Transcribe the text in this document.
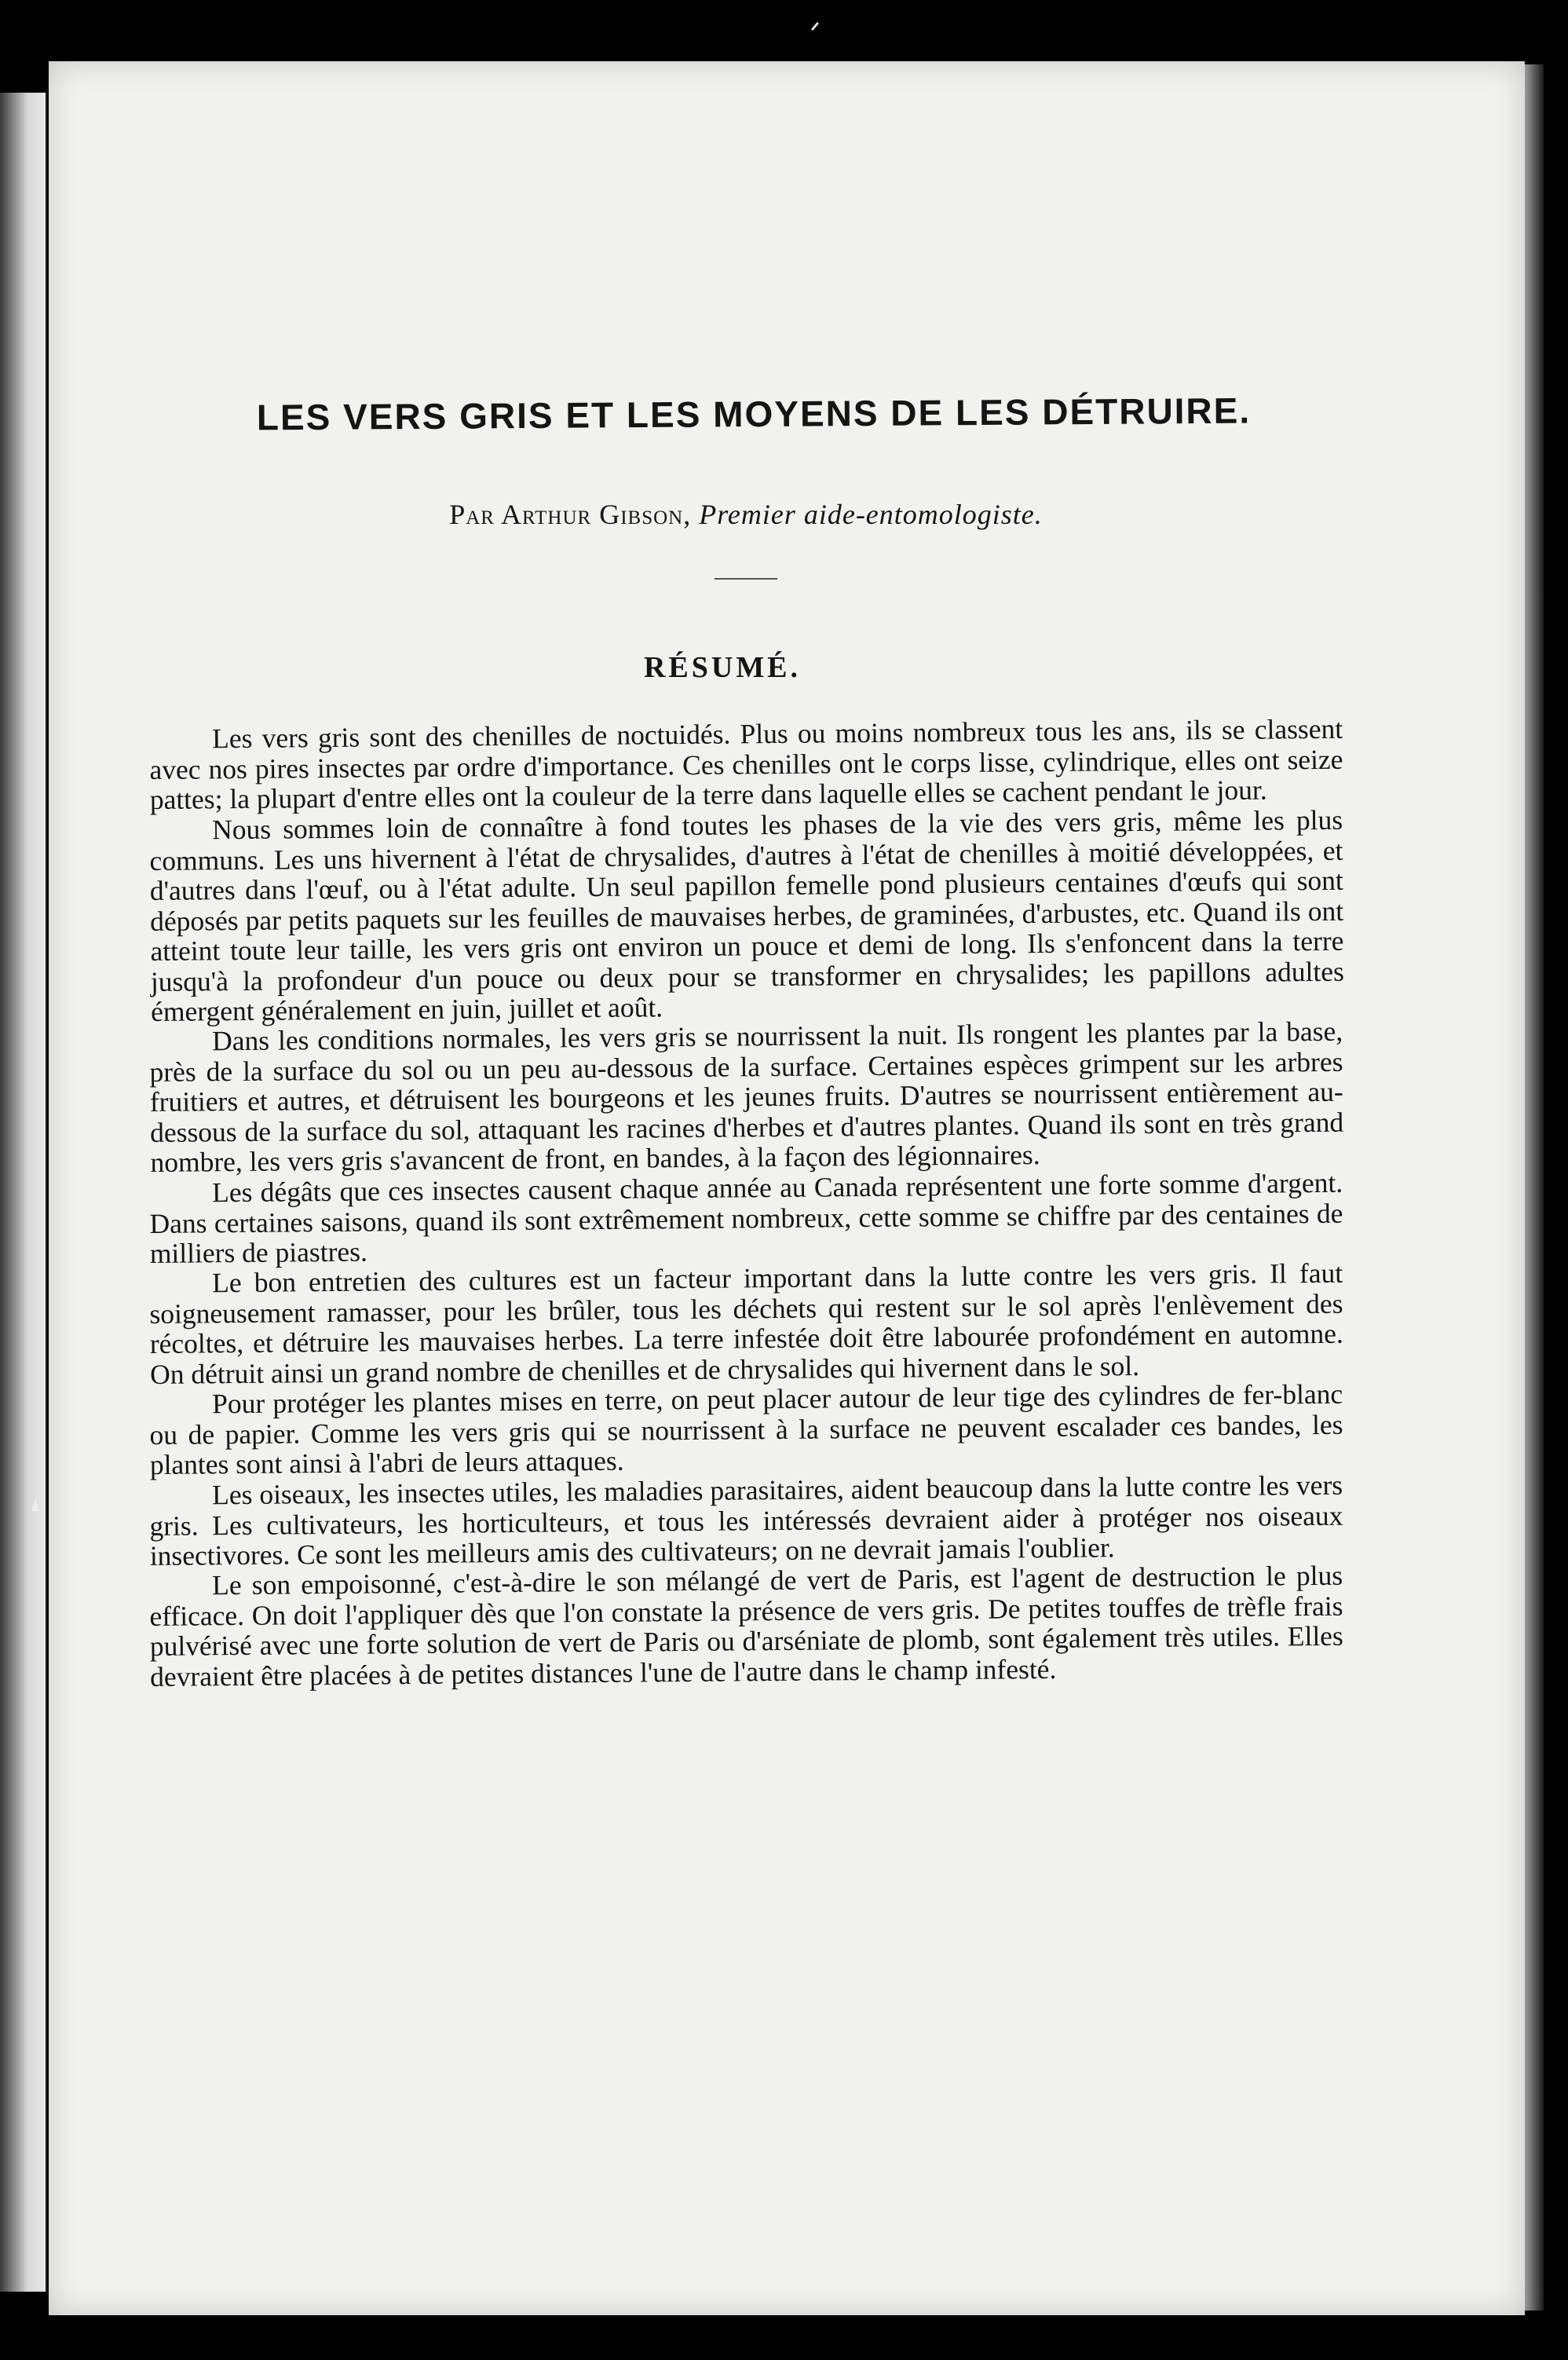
LES VERS GRIS ET LES MOYENS DE LES DÉTRUIRE.

Par Arthur Gibson, Premier aide-entomologiste.

RÉSUMÉ.

Les vers gris sont des chenilles de noctuidés. Plus ou moins nombreux tous les ans, ils se classent avec nos pires insectes par ordre d'importance. Ces chenilles ont le corps lisse, cylindrique, elles ont seize pattes; la plupart d'entre elles ont la couleur de la terre dans laquelle elles se cachent pendant le jour.

Nous sommes loin de connaître à fond toutes les phases de la vie des vers gris, même les plus communs. Les uns hivernent à l'état de chrysalides, d'autres à l'état de chenilles à moitié développées, et d'autres dans l'œuf, ou à l'état adulte. Un seul papillon femelle pond plusieurs centaines d'œufs qui sont déposés par petits paquets sur les feuilles de mauvaises herbes, de graminées, d'arbustes, etc. Quand ils ont atteint toute leur taille, les vers gris ont environ un pouce et demi de long. Ils s'enfoncent dans la terre jusqu'à la profondeur d'un pouce ou deux pour se transformer en chrysalides; les papillons adultes émergent généralement en juin, juillet et août.

Dans les conditions normales, les vers gris se nourrissent la nuit. Ils rongent les plantes par la base, près de la surface du sol ou un peu au-dessous de la surface. Certaines espèces grimpent sur les arbres fruitiers et autres, et détruisent les bourgeons et les jeunes fruits. D'autres se nourrissent entièrement au-dessous de la surface du sol, attaquant les racines d'herbes et d'autres plantes. Quand ils sont en très grand nombre, les vers gris s'avancent de front, en bandes, à la façon des légionnaires.

Les dégâts que ces insectes causent chaque année au Canada représentent une forte somme d'argent. Dans certaines saisons, quand ils sont extrêmement nombreux, cette somme se chiffre par des centaines de milliers de piastres.

Le bon entretien des cultures est un facteur important dans la lutte contre les vers gris. Il faut soigneusement ramasser, pour les brûler, tous les déchets qui restent sur le sol après l'enlèvement des récoltes, et détruire les mauvaises herbes. La terre infestée doit être labourée profondément en automne. On détruit ainsi un grand nombre de chenilles et de chrysalides qui hivernent dans le sol.

Pour protéger les plantes mises en terre, on peut placer autour de leur tige des cylindres de fer-blanc ou de papier. Comme les vers gris qui se nourrissent à la surface ne peuvent escalader ces bandes, les plantes sont ainsi à l'abri de leurs attaques.

Les oiseaux, les insectes utiles, les maladies parasitaires, aident beaucoup dans la lutte contre les vers gris. Les cultivateurs, les horticulteurs, et tous les intéressés devraient aider à protéger nos oiseaux insectivores. Ce sont les meilleurs amis des cultivateurs; on ne devrait jamais l'oublier.

Le son empoisonné, c'est-à-dire le son mélangé de vert de Paris, est l'agent de destruction le plus efficace. On doit l'appliquer dès que l'on constate la présence de vers gris. De petites touffes de trèfle frais pulvérisé avec une forte solution de vert de Paris ou d'arséniate de plomb, sont également très utiles. Elles devraient être placées à de petites distances l'une de l'autre dans le champ infesté.
